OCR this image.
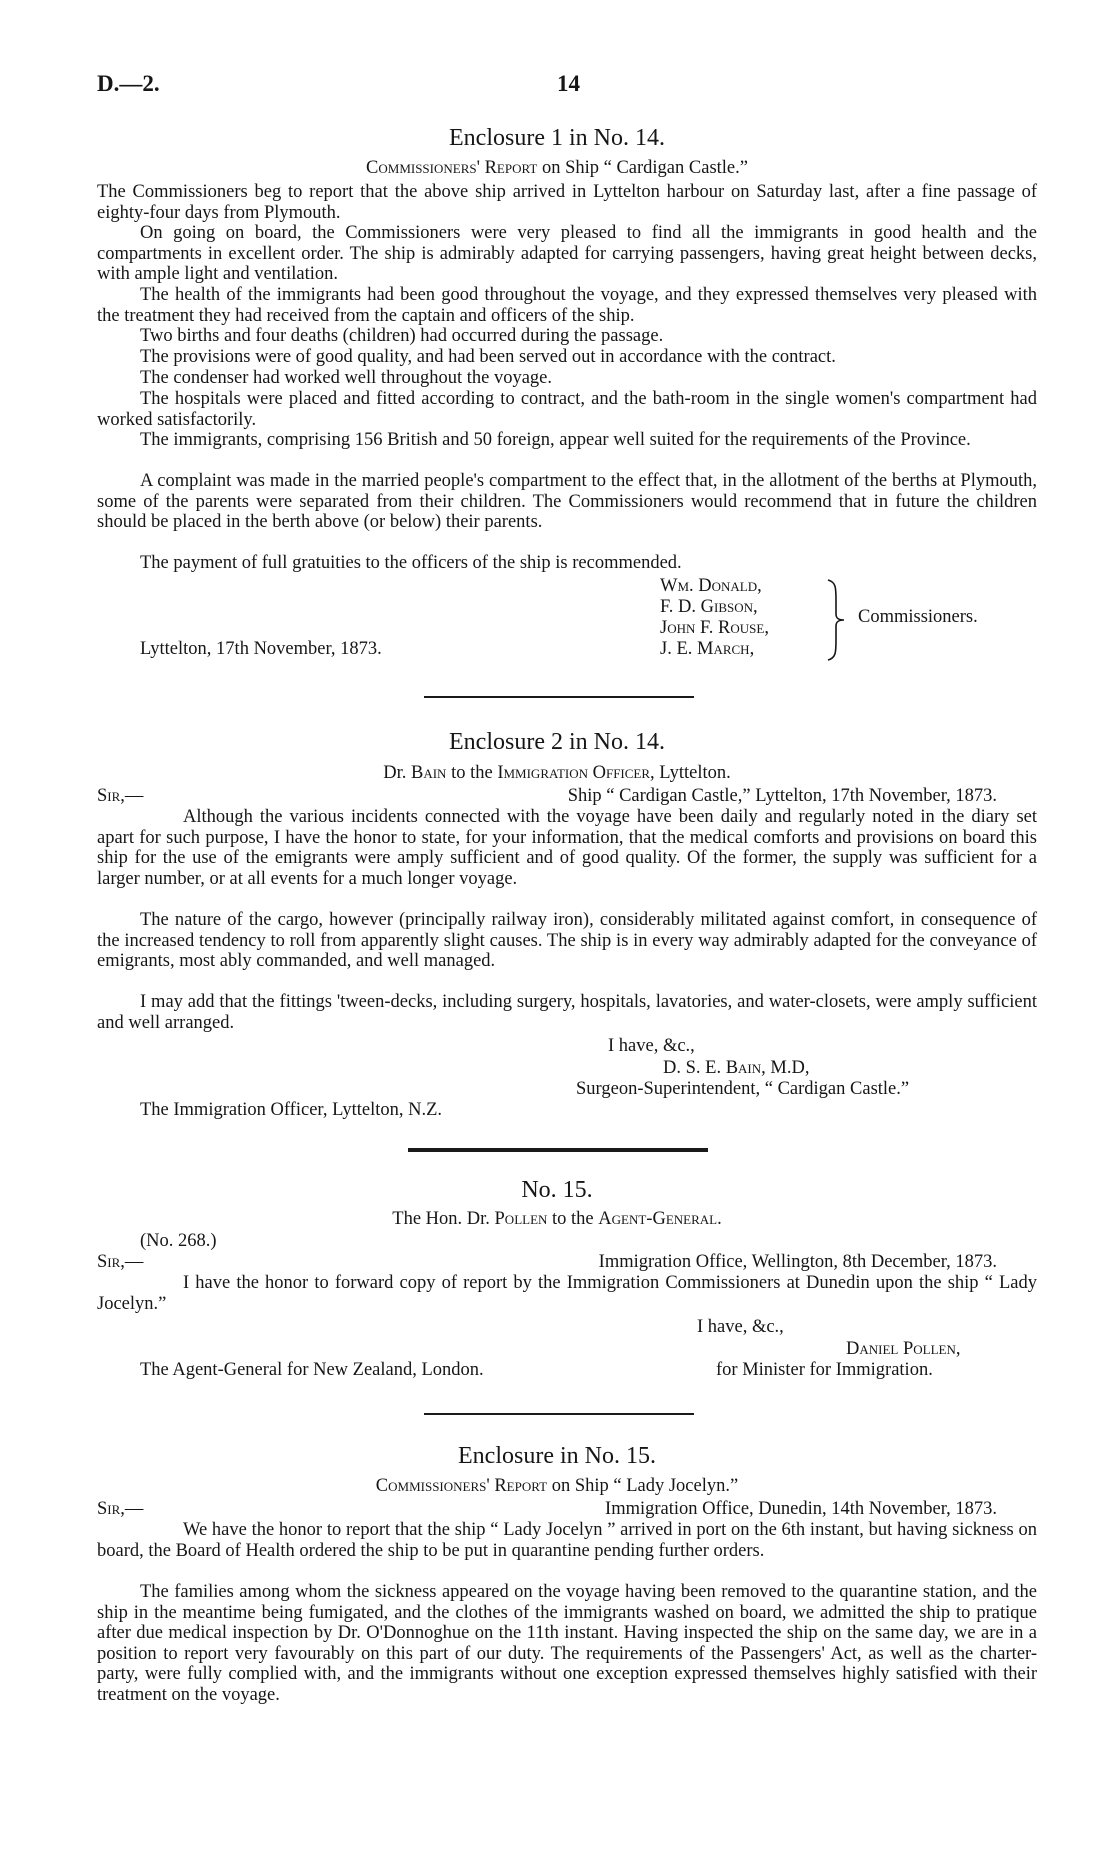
D.—2.	14
Enclosure 1 in No. 14.
Commissioners' Report on Ship “ Cardigan Castle.”
The Commissioners beg to report that the above ship arrived in Lyttelton harbour on Saturday last, after a fine passage of eighty-four days from Plymouth.
On going on board, the Commissioners were very pleased to find all the immigrants in good health and the compartments in excellent order. The ship is admirably adapted for carrying passengers, having great height between decks, with ample light and ventilation.
The health of the immigrants had been good throughout the voyage, and they expressed themselves very pleased with the treatment they had received from the captain and officers of the ship.
Two births and four deaths (children) had occurred during the passage.
The provisions were of good quality, and had been served out in accordance with the contract.
The condenser had worked well throughout the voyage.
The hospitals were placed and fitted according to contract, and the bath-room in the single women's compartment had worked satisfactorily.
The immigrants, comprising 156 British and 50 foreign, appear well suited for the requirements of the Province.
A complaint was made in the married people's compartment to the effect that, in the allotment of the berths at Plymouth, some of the parents were separated from their children. The Commissioners would recommend that in future the children should be placed in the berth above (or below) their parents.
The payment of full gratuities to the officers of the ship is recommended.
Wm. Donald,
F. D. Gibson,
John F. Rouse,
J. E. March,
Commissioners.
Lyttelton, 17th November, 1873.
Enclosure 2 in No. 14.
Dr. Bain to the Immigration Officer, Lyttelton.
Sir,—	Ship “ Cardigan Castle,” Lyttelton, 17th November, 1873.
Although the various incidents connected with the voyage have been daily and regularly noted in the diary set apart for such purpose, I have the honor to state, for your information, that the medical comforts and provisions on board this ship for the use of the emigrants were amply sufficient and of good quality. Of the former, the supply was sufficient for a larger number, or at all events for a much longer voyage.
The nature of the cargo, however (principally railway iron), considerably militated against comfort, in consequence of the increased tendency to roll from apparently slight causes. The ship is in every way admirably adapted for the conveyance of emigrants, most ably commanded, and well managed.
I may add that the fittings 'tween-decks, including surgery, hospitals, lavatories, and water-closets, were amply sufficient and well arranged.
I have, &c.,
D. S. E. Bain, M.D,
Surgeon-Superintendent, “ Cardigan Castle.”
The Immigration Officer, Lyttelton, N.Z.
No. 15.
The Hon. Dr. Pollen to the Agent-General.
(No. 268.)
Sir,—	Immigration Office, Wellington, 8th December, 1873.
I have the honor to forward copy of report by the Immigration Commissioners at Dunedin upon the ship “ Lady Jocelyn.”
I have, &c.,
Daniel Pollen,
for Minister for Immigration.
The Agent-General for New Zealand, London.
Enclosure in No. 15.
Commissioners' Report on Ship “ Lady Jocelyn.”
Sir,—	Immigration Office, Dunedin, 14th November, 1873.
We have the honor to report that the ship “ Lady Jocelyn ” arrived in port on the 6th instant, but having sickness on board, the Board of Health ordered the ship to be put in quarantine pending further orders.
The families among whom the sickness appeared on the voyage having been removed to the quarantine station, and the ship in the meantime being fumigated, and the clothes of the immigrants washed on board, we admitted the ship to pratique after due medical inspection by Dr. O'Donnoghue on the 11th instant. Having inspected the ship on the same day, we are in a position to report very favourably on this part of our duty. The requirements of the Passengers' Act, as well as the charter-party, were fully complied with, and the immigrants without one exception expressed themselves highly satisfied with their treatment on the voyage.
